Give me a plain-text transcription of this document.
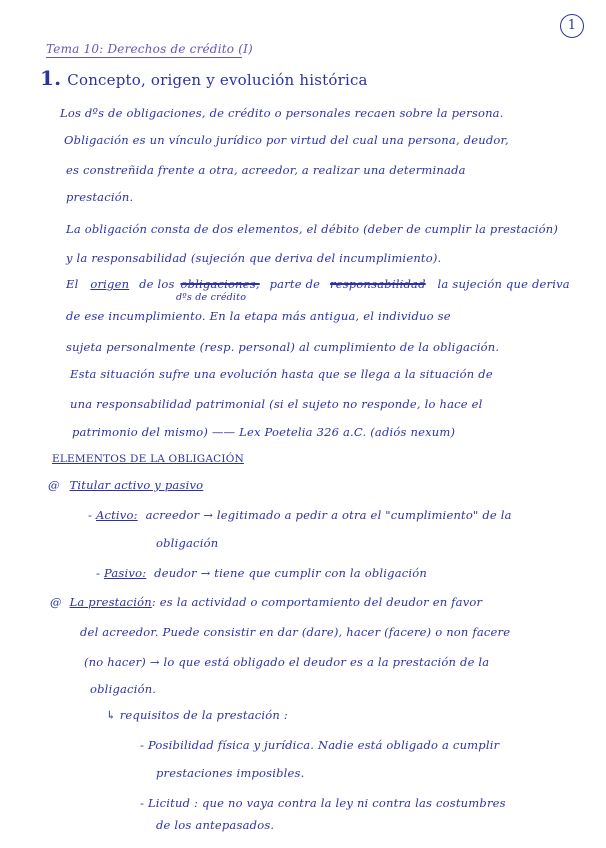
1
Tema 10: Derechos de crédito (I)
1. Concepto, origen y evolución histórica
Los dºs de obligaciones, de crédito o personales recaen sobre la persona.
Obligación es un vínculo jurídico por virtud del cual una persona, deudor,
es constreñida frente a otra, acreedor, a realizar una determinada
prestación.
La obligación consta de dos elementos, el débito (deber de cumplir la prestación)
y la responsabilidad (sujeción que deriva del incumplimiento).
El origen de los obligaciones, parte de responsabilidad la sujeción que deriva
dºs de crédito
de ese incumplimiento. En la etapa más antigua, el individuo se
sujeta personalmente (resp. personal) al cumplimiento de la obligación.
Esta situación sufre una evolución hasta que se llega a la situación de
una responsabilidad patrimonial (si el sujeto no responde, lo hace el
patrimonio del mismo) —— Lex Poetelia 326 a.C. (adiós nexum)
ELEMENTOS DE LA OBLIGACIÓN
@ Titular activo y pasivo
- Activo: acreedor → legitimado a pedir a otra el "cumplimiento" de la
obligación
- Pasivo: deudor → tiene que cumplir con la obligación
@ La prestación: es la actividad o comportamiento del deudor en favor
del acreedor. Puede consistir en dar (dare), hacer (facere) o non facere
(no hacer) → lo que está obligado el deudor es a la prestación de la
obligación.
↳ requisitos de la prestación :
- Posibilidad física y jurídica. Nadie está obligado a cumplir
prestaciones imposibles.
- Licitud : que no vaya contra la ley ni contra las costumbres
de los antepasados.
